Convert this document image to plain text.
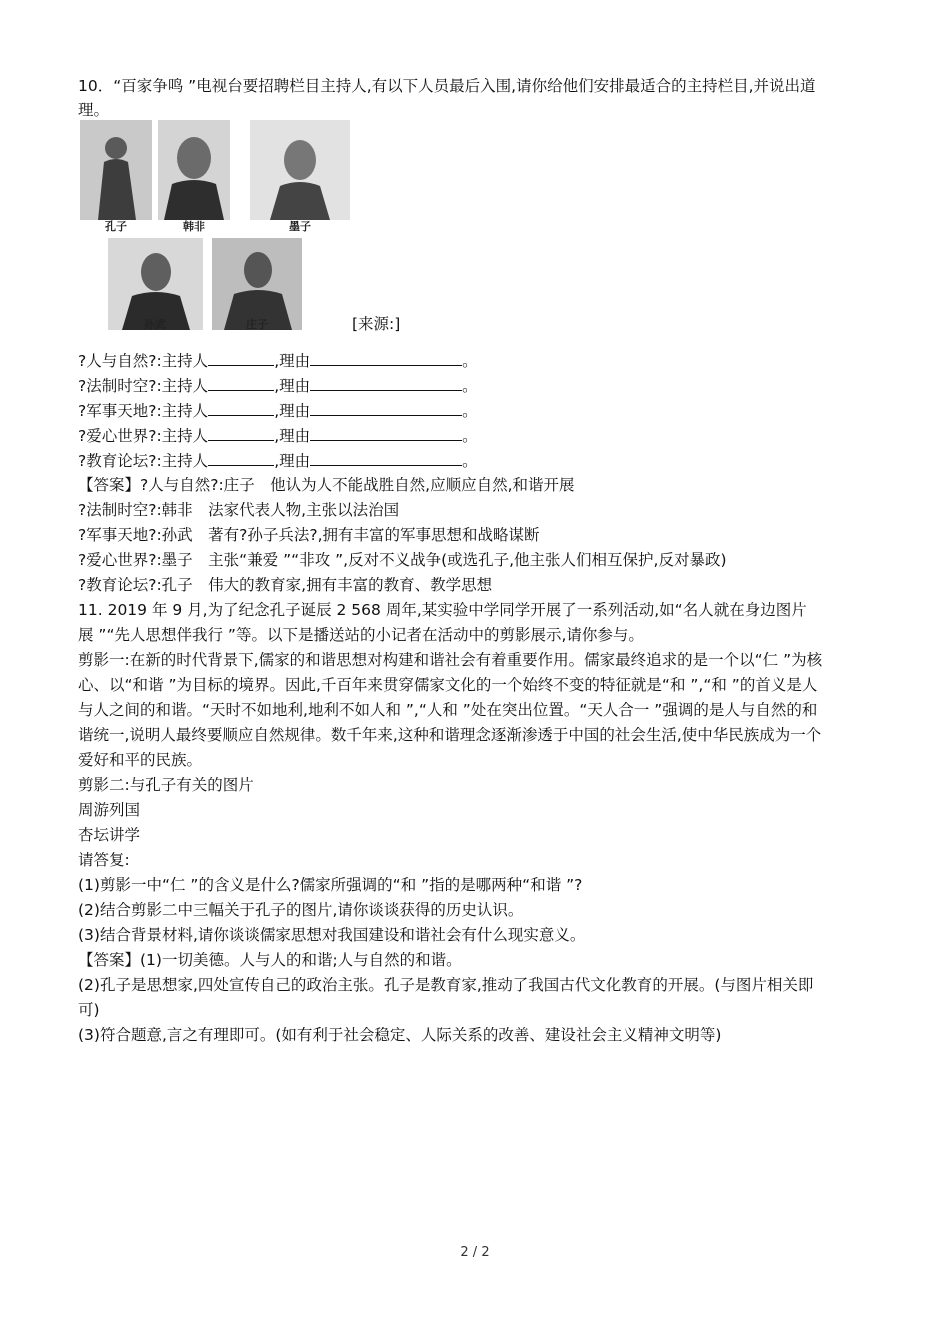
10．“百家争鸣 ”电视台要招聘栏目主持人,有以下人员最后入围,请你给他们安排最适合的主持栏目,并说出道
理。
孔子	韩非	墨子
孙武	庄子	[来源:]
?人与自然?:主持人	,理由	。
?法制时空?:主持人	,理由	。
?军事天地?:主持人	,理由	。
?爱心世界?:主持人	,理由	。
?教育论坛?:主持人	,理由	。
【答案】?人与自然?:庄子　他认为人不能战胜自然,应顺应自然,和谐开展
?法制时空?:韩非　法家代表人物,主张以法治国
?军事天地?:孙武　著有?孙子兵法?,拥有丰富的军事思想和战略谋断
?爱心世界?:墨子　主张“兼爱 ”“非攻 ”,反对不义战争(或选孔子,他主张人们相互保护,反对暴政)
?教育论坛?:孔子　伟大的教育家,拥有丰富的教育、教学思想
11. 2019 年 9 月,为了纪念孔子诞辰 2 568 周年,某实验中学同学开展了一系列活动,如“名人就在身边图片
展 ”“先人思想伴我行 ”等。以下是播送站的小记者在活动中的剪影展示,请你参与。
剪影一:在新的时代背景下,儒家的和谐思想对构建和谐社会有着重要作用。儒家最终追求的是一个以“仁 ”为核
心、以“和谐 ”为目标的境界。因此,千百年来贯穿儒家文化的一个始终不变的特征就是“和 ”,“和 ”的首义是人
与人之间的和谐。“天时不如地利,地利不如人和 ”,“人和 ”处在突出位置。“天人合一 ”强调的是人与自然的和
谐统一,说明人最终要顺应自然规律。数千年来,这种和谐理念逐渐渗透于中国的社会生活,使中华民族成为一个
爱好和平的民族。
剪影二:与孔子有关的图片
周游列国
杏坛讲学
请答复:
(1)剪影一中“仁 ”的含义是什么?儒家所强调的“和 ”指的是哪两种“和谐 ”?
(2)结合剪影二中三幅关于孔子的图片,请你谈谈获得的历史认识。
(3)结合背景材料,请你谈谈儒家思想对我国建设和谐社会有什么现实意义。
【答案】(1)一切美德。人与人的和谐;人与自然的和谐。
(2)孔子是思想家,四处宣传自己的政治主张。孔子是教育家,推动了我国古代文化教育的开展。(与图片相关即
可)
(3)符合题意,言之有理即可。(如有利于社会稳定、人际关系的改善、建设社会主义精神文明等)
2 / 2
